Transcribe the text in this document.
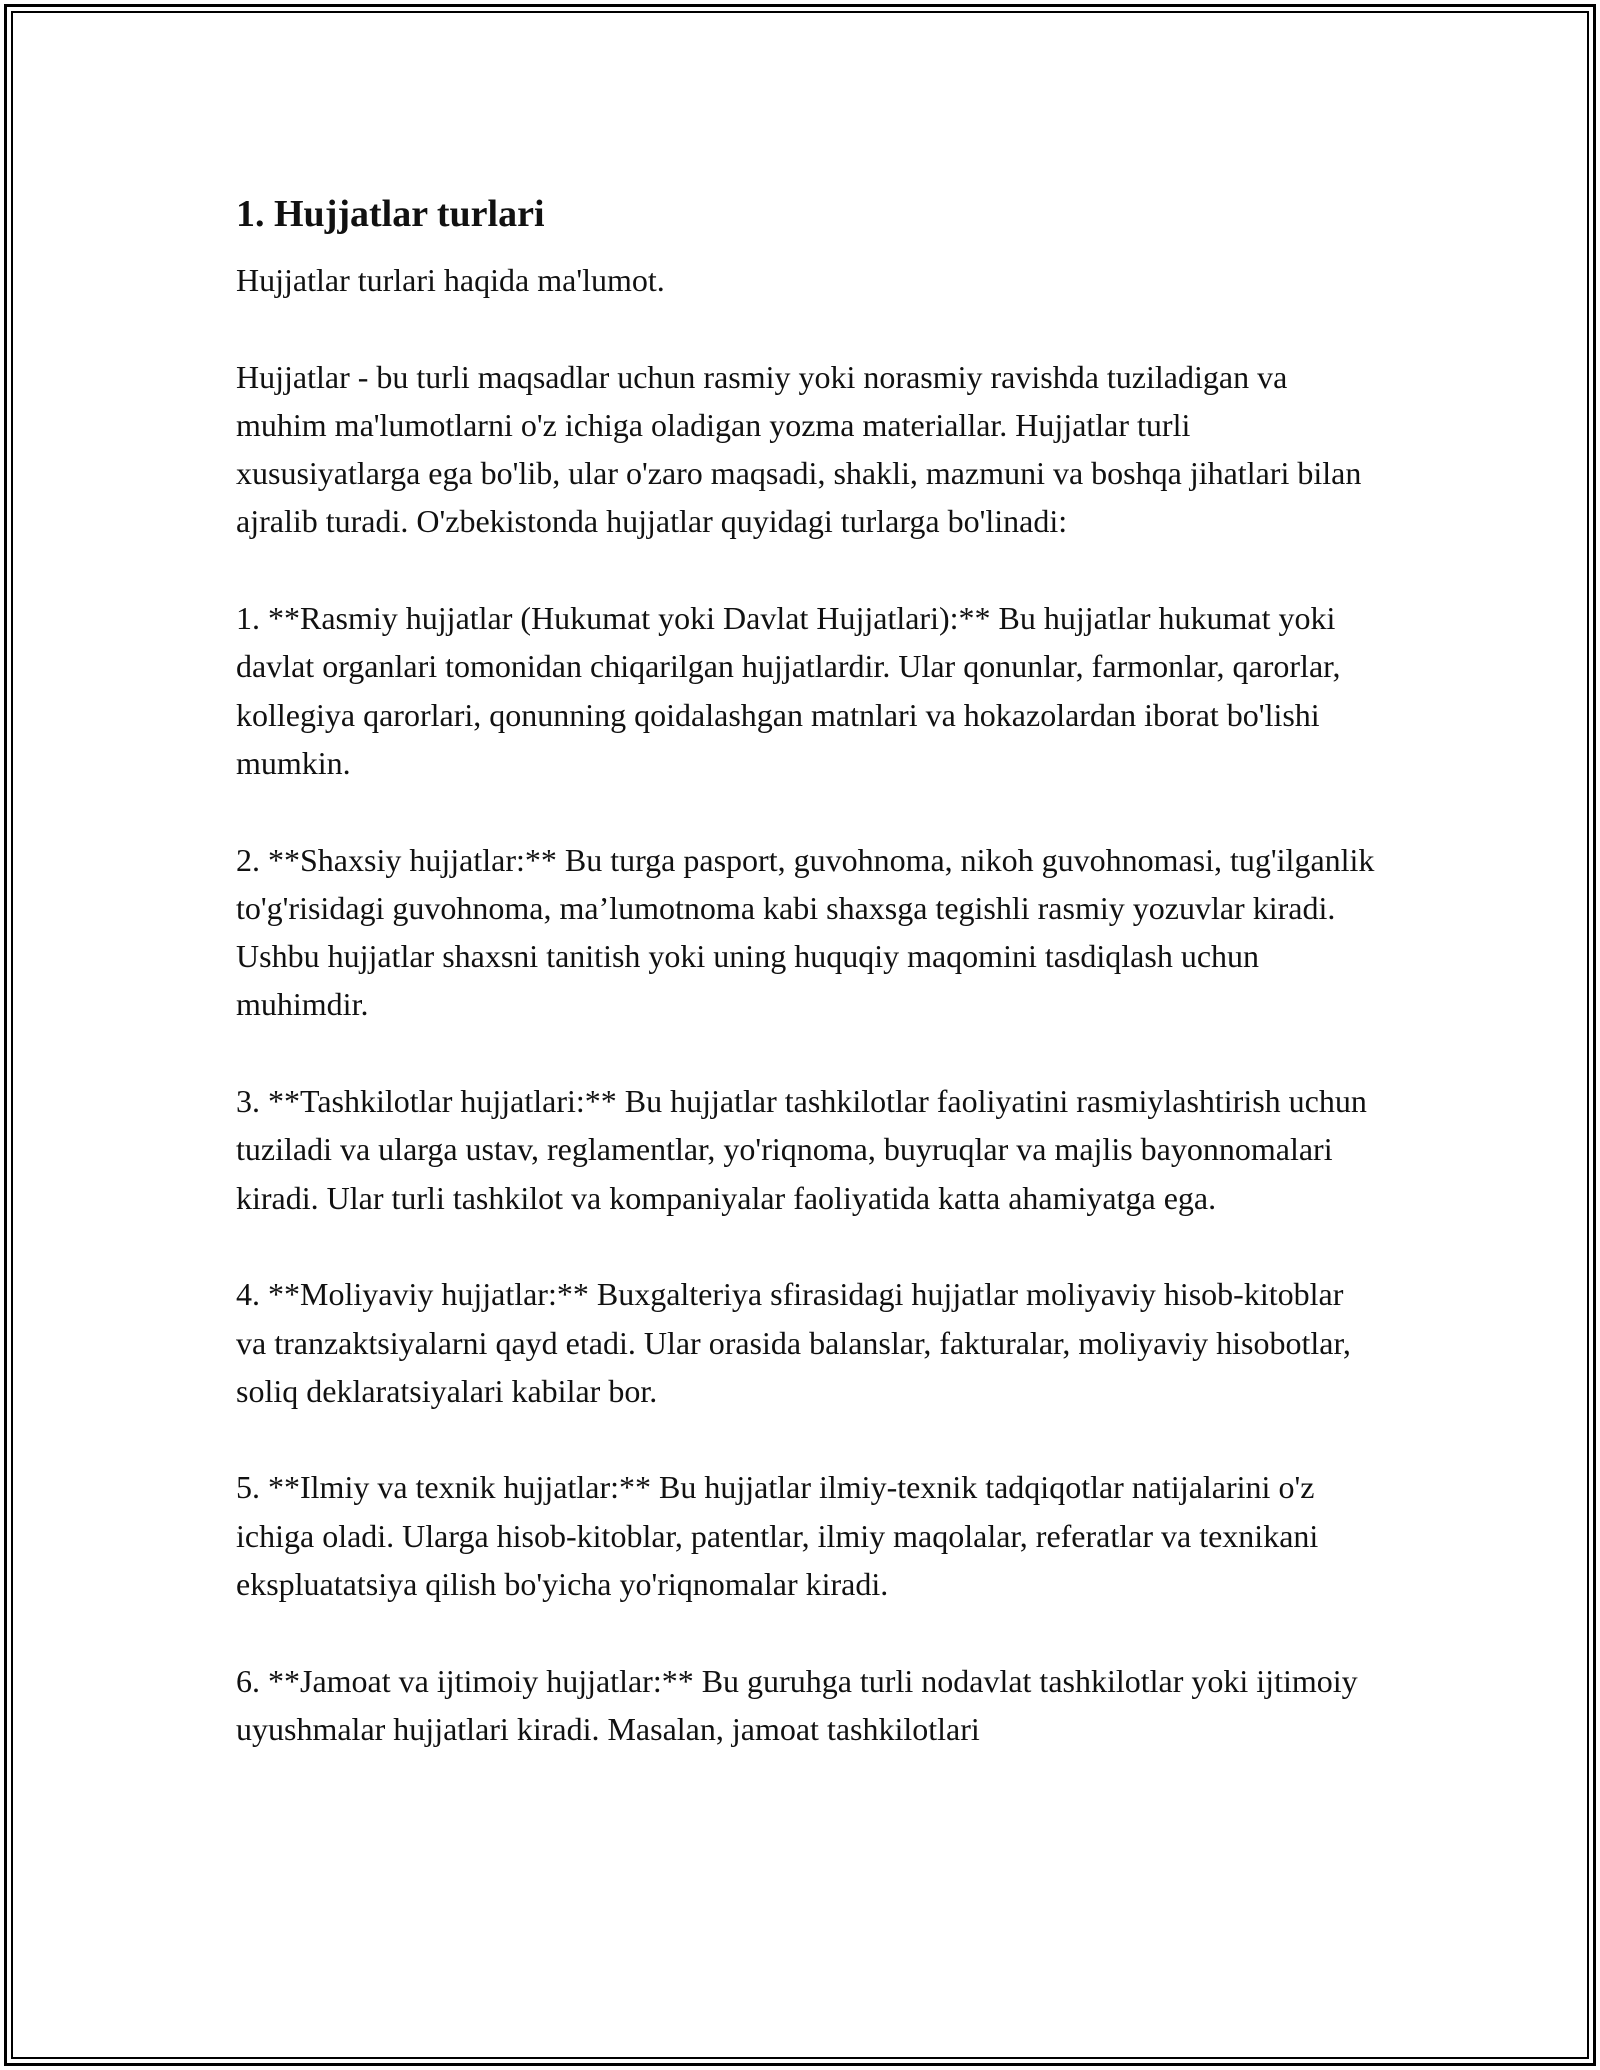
1. Hujjatlar turlari

Hujjatlar turlari haqida ma'lumot.

Hujjatlar - bu turli maqsadlar uchun rasmiy yoki norasmiy ravishda tuziladigan va muhim ma'lumotlarni o'z ichiga oladigan yozma materiallar. Hujjatlar turli xususiyatlarga ega bo'lib, ular o'zaro maqsadi, shakli, mazmuni va boshqa jihatlari bilan ajralib turadi. O'zbekistonda hujjatlar quyidagi turlarga bo'linadi:

1. **Rasmiy hujjatlar (Hukumat yoki Davlat Hujjatlari):** Bu hujjatlar hukumat yoki davlat organlari tomonidan chiqarilgan hujjatlardir. Ular qonunlar, farmonlar, qarorlar, kollegiya qarorlari, qonunning qoidalashgan matnlari va hokazolardan iborat bo'lishi mumkin.

2. **Shaxsiy hujjatlar:** Bu turga pasport, guvohnoma, nikoh guvohnomasi, tug'ilganlik to'g'risidagi guvohnoma, ma’lumotnoma kabi shaxsga tegishli rasmiy yozuvlar kiradi. Ushbu hujjatlar shaxsni tanitish yoki uning huquqiy maqomini tasdiqlash uchun muhimdir.

3. **Tashkilotlar hujjatlari:** Bu hujjatlar tashkilotlar faoliyatini rasmiylashtirish uchun tuziladi va ularga ustav, reglamentlar, yo'riqnoma, buyruqlar va majlis bayonnomalari kiradi. Ular turli tashkilot va kompaniyalar faoliyatida katta ahamiyatga ega.

4. **Moliyaviy hujjatlar:** Buxgalteriya sfirasidagi hujjatlar moliyaviy hisob-kitoblar va tranzaktsiyalarni qayd etadi. Ular orasida balanslar, fakturalar, moliyaviy hisobotlar, soliq deklaratsiyalari kabilar bor.

5. **Ilmiy va texnik hujjatlar:** Bu hujjatlar ilmiy-texnik tadqiqotlar natijalarini o'z ichiga oladi. Ularga hisob-kitoblar, patentlar, ilmiy maqolalar, referatlar va texnikani ekspluatatsiya qilish bo'yicha yo'riqnomalar kiradi.

6. **Jamoat va ijtimoiy hujjatlar:** Bu guruhga turli nodavlat tashkilotlar yoki ijtimoiy uyushmalar hujjatlari kiradi. Masalan, jamoat tashkilotlari
